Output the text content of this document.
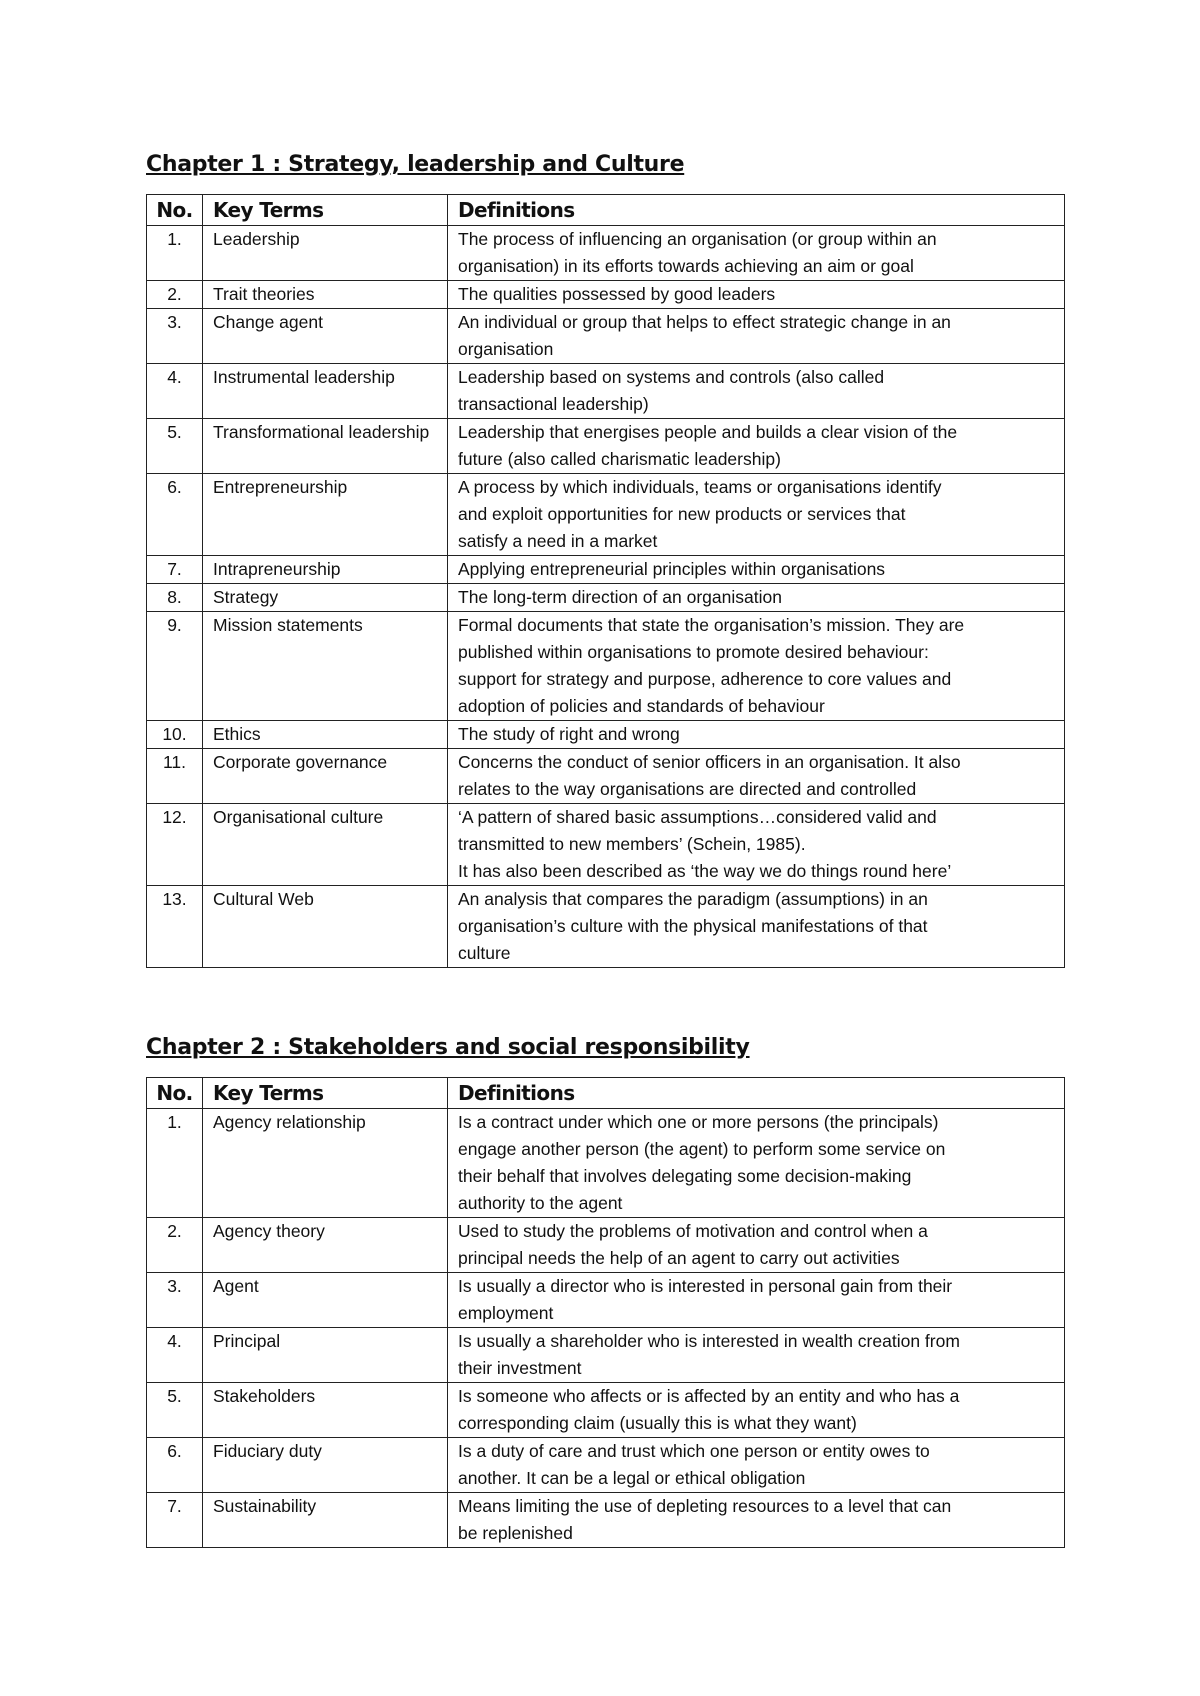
Chapter 1 : Strategy, leadership and Culture
No.	Key Terms	Definitions
1.	Leadership	The process of influencing an organisation (or group within an
organisation) in its efforts towards achieving an aim or goal

2.	Trait theories	The qualities possessed by good leaders

3.	Change agent	An individual or group that helps to effect strategic change in an
organisation

4.	Instrumental leadership	Leadership based on systems and controls (also called
transactional leadership)

5.	Transformational leadership	Leadership that energises people and builds a clear vision of the
future (also called charismatic leadership)

6.	Entrepreneurship	A process by which individuals, teams or organisations identify
and exploit opportunities for new products or services that
satisfy a need in a market

7.	Intrapreneurship	Applying entrepreneurial principles within organisations

8.	Strategy	The long-term direction of an organisation

9.	Mission statements	Formal documents that state the organisation’s mission. They are
published within organisations to promote desired behaviour:
support for strategy and purpose, adherence to core values and
adoption of policies and standards of behaviour

10.	Ethics	The study of right and wrong

11.	Corporate governance	Concerns the conduct of senior officers in an organisation. It also
relates to the way organisations are directed and controlled

12.	Organisational culture	‘A pattern of shared basic assumptions…considered valid and
transmitted to new members’ (Schein, 1985).
It has also been described as ‘the way we do things round here’

13.	Cultural Web	An analysis that compares the paradigm (assumptions) in an
organisation’s culture with the physical manifestations of that
culture
Chapter 2 : Stakeholders and social responsibility
No.	Key Terms	Definitions
1.	Agency relationship	Is a contract under which one or more persons (the principals)
engage another person (the agent) to perform some service on
their behalf that involves delegating some decision-making
authority to the agent

2.	Agency theory	Used to study the problems of motivation and control when a
principal needs the help of an agent to carry out activities

3.	Agent	Is usually a director who is interested in personal gain from their
employment

4.	Principal	Is usually a shareholder who is interested in wealth creation from
their investment

5.	Stakeholders	Is someone who affects or is affected by an entity and who has a
corresponding claim (usually this is what they want)

6.	Fiduciary duty	Is a duty of care and trust which one person or entity owes to
another. It can be a legal or ethical obligation

7.	Sustainability	Means limiting the use of depleting resources to a level that can
be replenished
